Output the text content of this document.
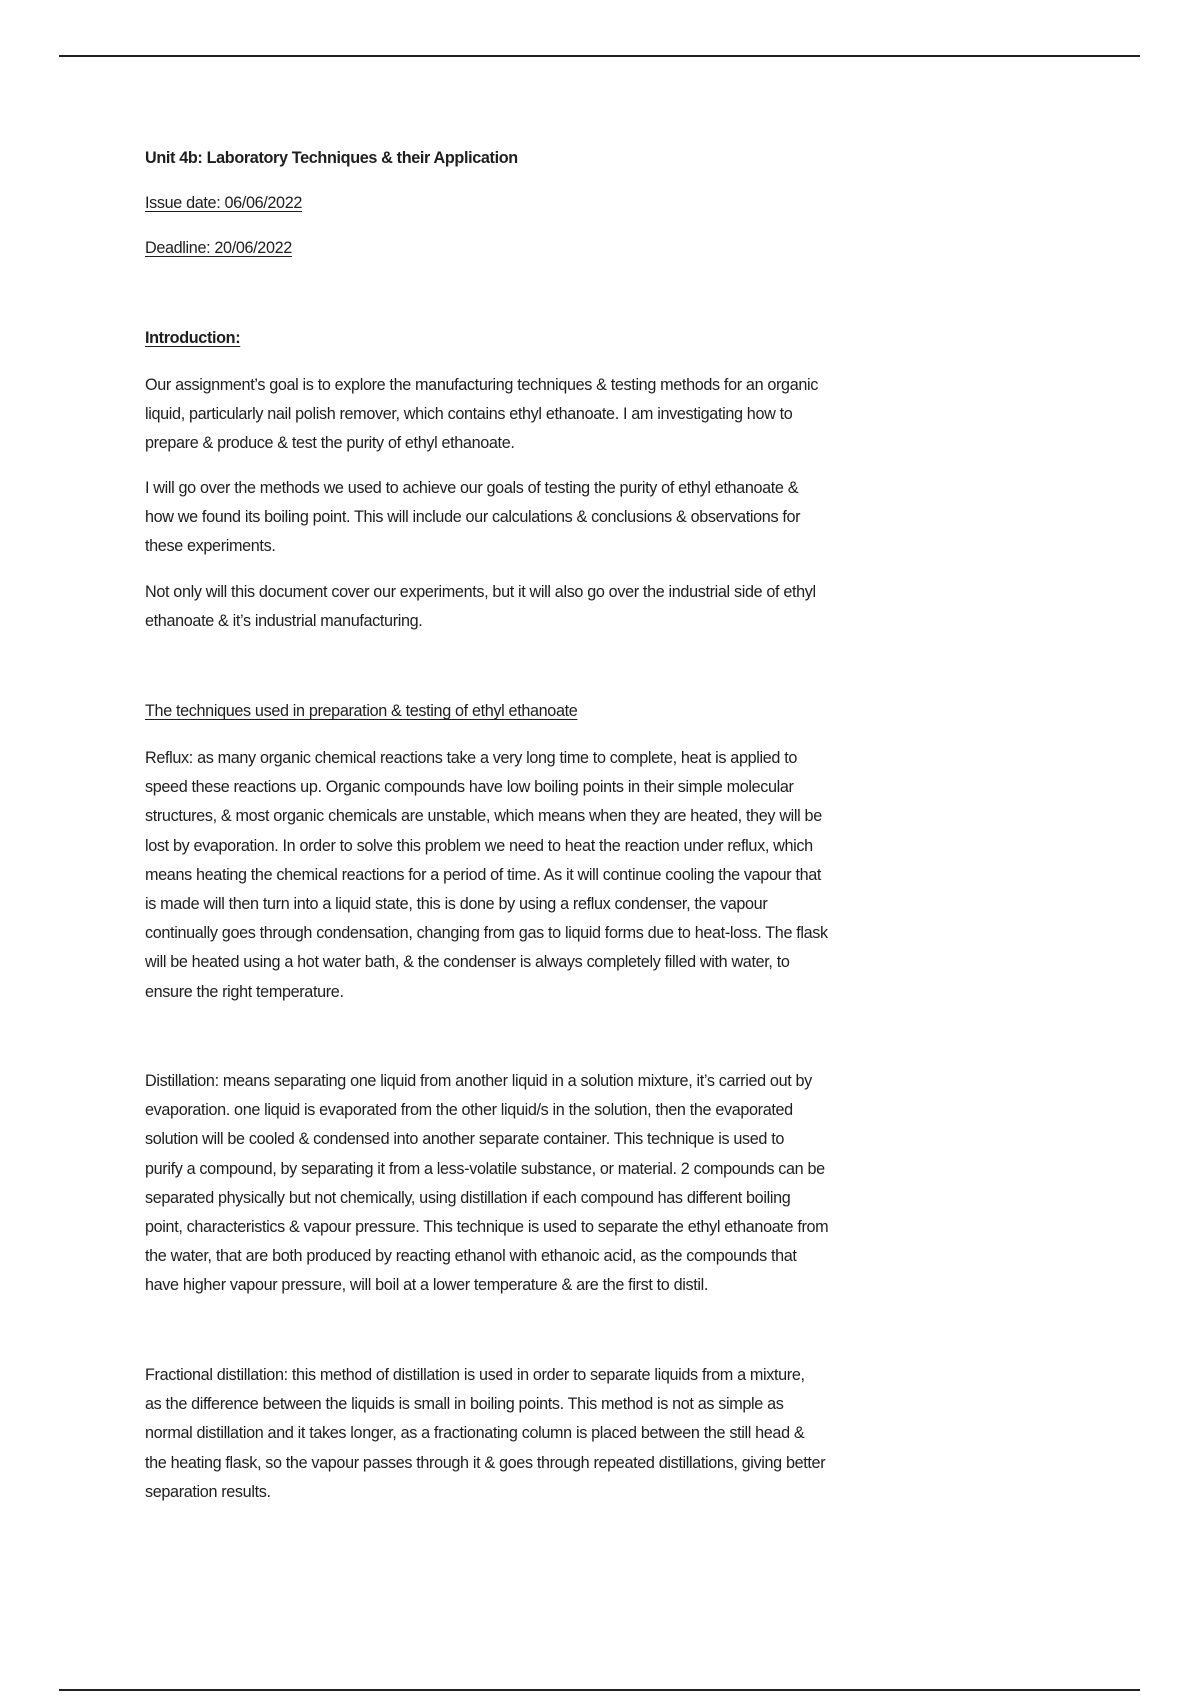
Unit 4b: Laboratory Techniques & their Application
Issue date: 06/06/2022
Deadline: 20/06/2022
Introduction:
Our assignment’s goal is to explore the manufacturing techniques & testing methods for an organic
liquid, particularly nail polish remover, which contains ethyl ethanoate. I am investigating how to
prepare & produce & test the purity of ethyl ethanoate.
I will go over the methods we used to achieve our goals of testing the purity of ethyl ethanoate &
how we found its boiling point. This will include our calculations & conclusions & observations for
these experiments.
Not only will this document cover our experiments, but it will also go over the industrial side of ethyl
ethanoate & it’s industrial manufacturing.
The techniques used in preparation & testing of ethyl ethanoate
Reflux: as many organic chemical reactions take a very long time to complete, heat is applied to
speed these reactions up. Organic compounds have low boiling points in their simple molecular
structures, & most organic chemicals are unstable, which means when they are heated, they will be
lost by evaporation. In order to solve this problem we need to heat the reaction under reflux, which
means heating the chemical reactions for a period of time. As it will continue cooling the vapour that
is made will then turn into a liquid state, this is done by using a reflux condenser, the vapour
continually goes through condensation, changing from gas to liquid forms due to heat-loss. The flask
will be heated using a hot water bath, & the condenser is always completely filled with water, to
ensure the right temperature.
Distillation: means separating one liquid from another liquid in a solution mixture, it’s carried out by
evaporation. one liquid is evaporated from the other liquid/s in the solution, then the evaporated
solution will be cooled & condensed into another separate container. This technique is used to
purify a compound, by separating it from a less-volatile substance, or material. 2 compounds can be
separated physically but not chemically, using distillation if each compound has different boiling
point, characteristics & vapour pressure. This technique is used to separate the ethyl ethanoate from
the water, that are both produced by reacting ethanol with ethanoic acid, as the compounds that
have higher vapour pressure, will boil at a lower temperature & are the first to distil.
Fractional distillation: this method of distillation is used in order to separate liquids from a mixture,
as the difference between the liquids is small in boiling points. This method is not as simple as
normal distillation and it takes longer, as a fractionating column is placed between the still head &
the heating flask, so the vapour passes through it & goes through repeated distillations, giving better
separation results.
